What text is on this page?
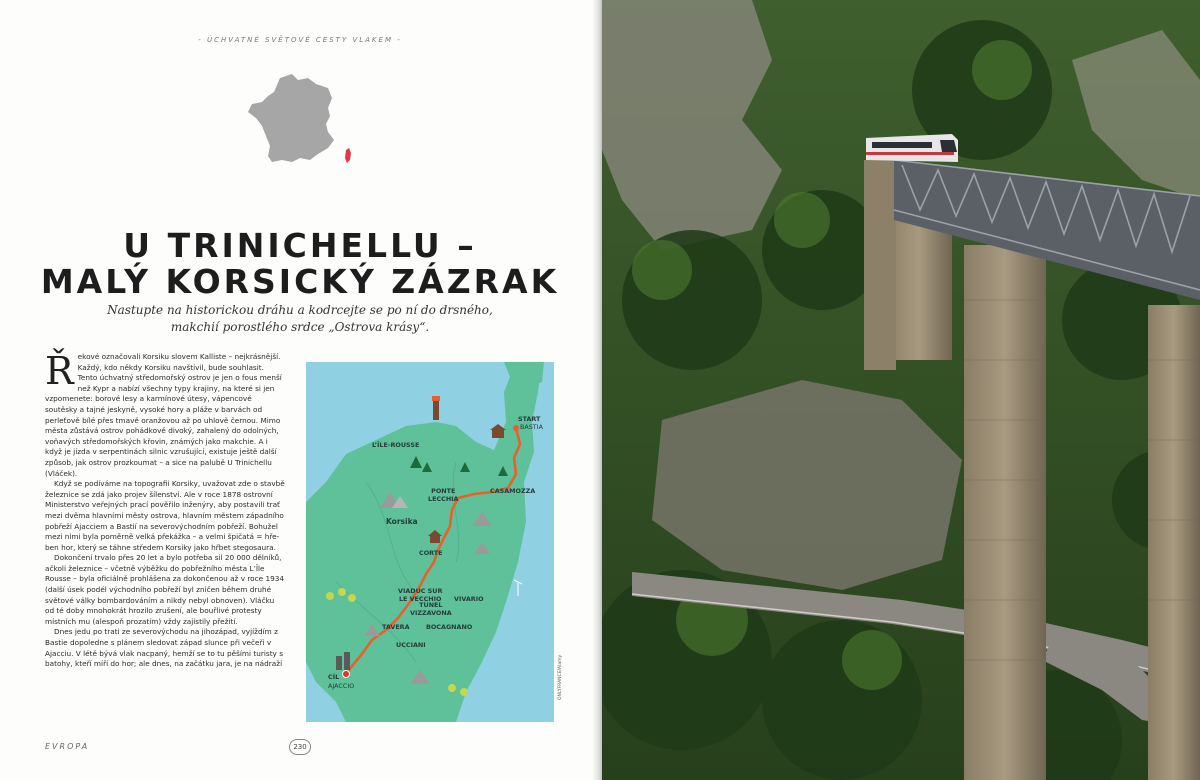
- ÚCHVATNÉ SVĚTOVÉ CESTY VLAKEM -
U TRINICHELLU –
MALÝ KORSICKÝ ZÁZRAK
Nastupte na historickou dráhu a kodrcejte se po ní do drsného,
makchií porostlého srdce „Ostrova krásy“.

Řekové označovali Korsiku slovem Kalliste – nejkrásnější. Každý, kdo někdy Korsiku navštívil, bude souhlasit. Tento úchvatný středomořský ostrov je jen o fous menší než Kypr a nabízí všechny typy krajiny, na které si jen vzpomenete: borové lesy a karmínové útesy, vápencové soutěsky a tajné jeskyně, vysoké hory a pláže v barvách od perleťově bílé přes tmavě oranžovou až po uhlově černou. Mimo města zůstává ostrov pohádkově divoký, zahalený do odolných, voňavých středomořských křovin, známých jako makchie. A i když je jízda v serpentinách silnic vzrušující, existuje ještě další způsob, jak ostrov prozkoumat – a sice na palubě U Trinichellu (Vláček).

Když se podíváme na topografii Korsiky, uvažovat zde o stavbě železnice se zdá jako projev šílenství. Ale v roce 1878 ostrovní Ministerstvo veřejných prací pověřilo inženýry, aby postavili trať mezi dvěma hlavními městy ostrova, hlavním městem západního pobřeží Ajacciem a Bastií na severovýchodním pobřeží. Bohužel mezi nimi byla poměrně velká překážka – a velmi špičatá = hřeben hor, který se táhne středem Korsiky jako hřbet stegosaura.

Dokončení trvalo přes 20 let a bylo potřeba sil 20 000 dělníků, ačkoli železnice – včetně výběžku do pobřežního města L’Île Rousse – byla oficiálně prohlášena za dokončenou až v roce 1934 (další úsek podél východního pobřeží byl zničen během druhé světové války bombardováním a nikdy nebyl obnoven). Vláčku od té doby mnohokrát hrozilo zrušení, ale bouřlivé protesty místních mu (alespoň prozatím) vždy zajistily přežití.

Dnes jedu po trati ze severovýchodu na jihozápad, vyjíždím z Bastie dopoledne s plánem sledovat západ slunce při večeři v Ajacciu. V létě bývá vlak nacpaný, hemží se to tu pěšími turisty s batohy, kteří míří do hor; ale dnes, na začátku jara, je na nádraží

START
BASTIA
L’ÎLE-ROUSSE
CASAMOZZA
PONTE
LECCHIA
Korsika
CORTE
VIADUC SUR
LE VECCHIO VIVARIO
TUNEL
VIZZAVONA
TAVERA	BOCAGNANO
UCCIANI
CÍL
AJACCIO	ONLYFRANCE/Alamy
EVROPA	230
